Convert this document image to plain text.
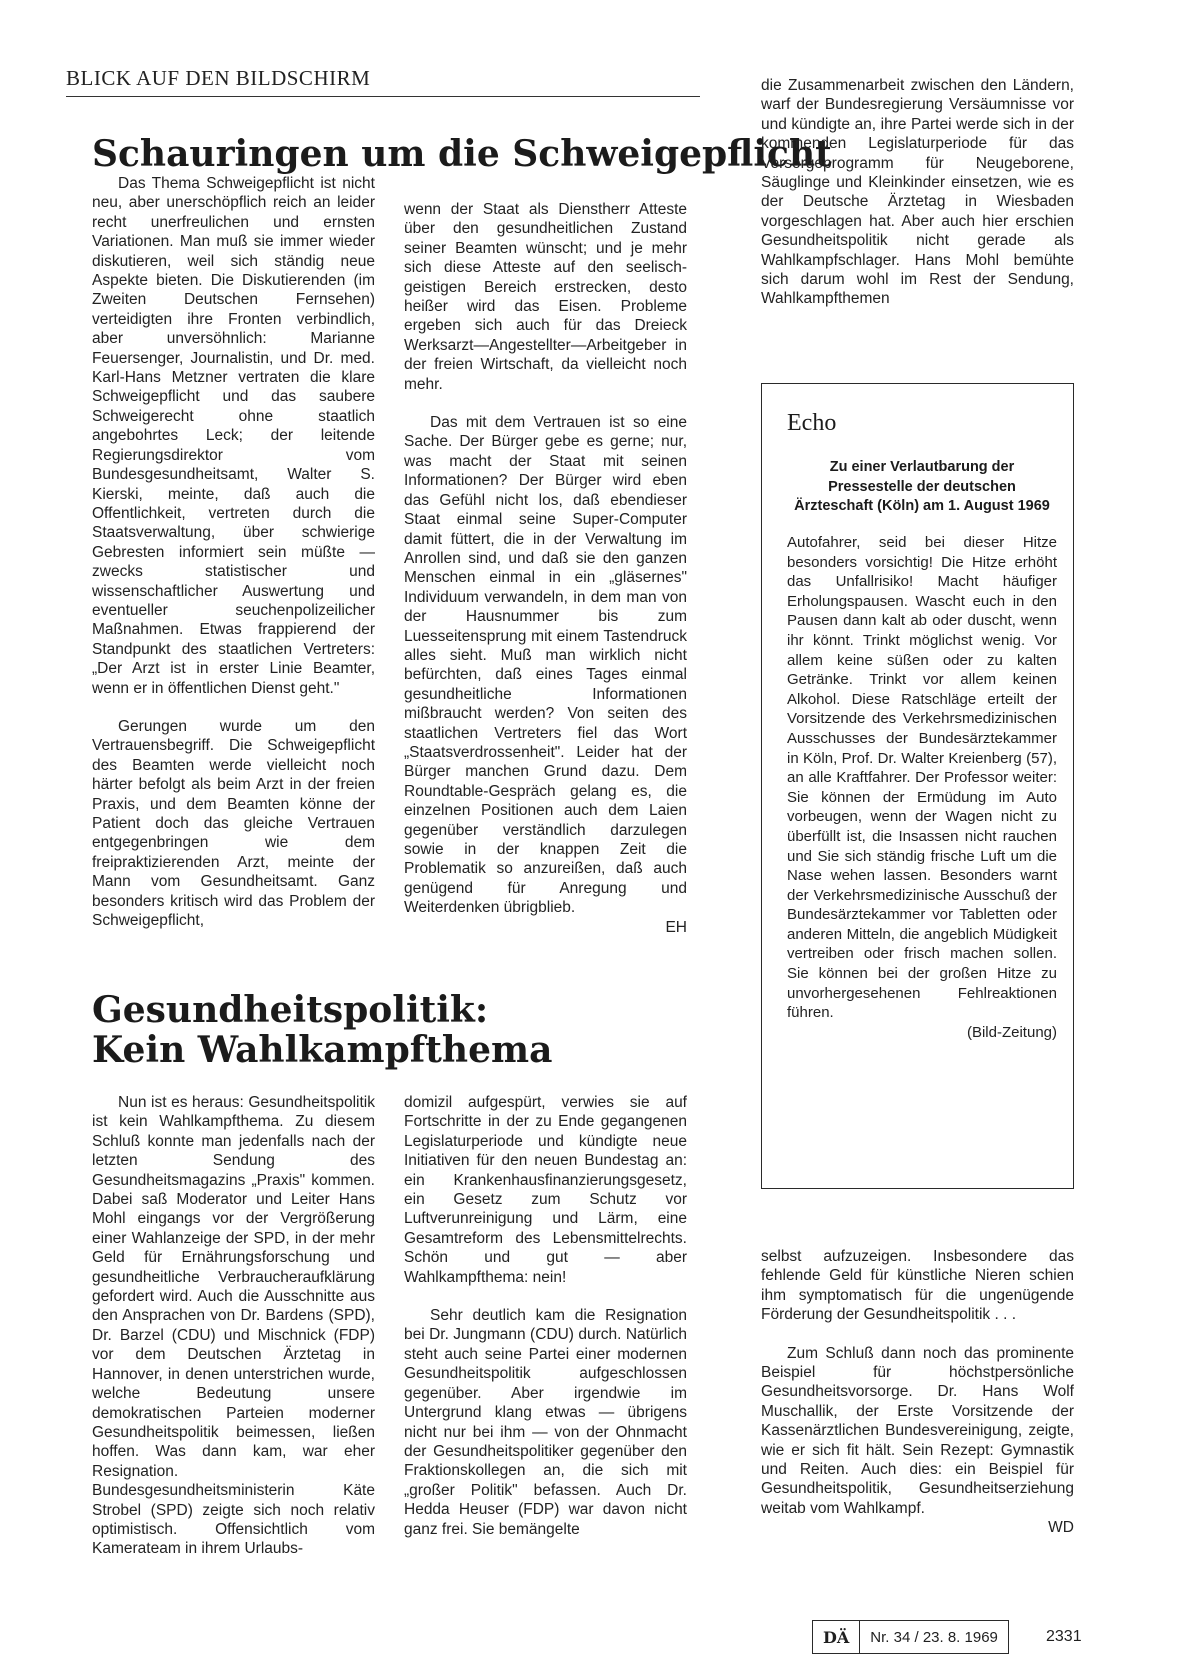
BLICK AUF DEN BILDSCHIRM
Schauringen um die Schweigepflicht

Das Thema Schweigepflicht ist nicht neu, aber unerschöpflich reich an leider recht unerfreulichen und ernsten Variationen. Man muß sie immer wieder diskutieren, weil sich ständig neue Aspekte bieten. Die Diskutierenden (im Zweiten Deutschen Fernsehen) verteidigten ihre Fronten verbindlich, aber unversöhnlich: Marianne Feuersenger, Journalistin, und Dr. med. Karl-Hans Metzner vertraten die klare Schweigepflicht und das saubere Schweigerecht ohne staatlich angebohrtes Leck; der leitende Regierungsdirektor vom Bundesgesundheitsamt, Walter S. Kierski, meinte, daß auch die Offentlichkeit, vertreten durch die Staatsverwaltung, über schwierige Gebresten informiert sein müßte — zwecks statistischer und wissenschaftlicher Auswertung und eventueller seuchenpolizeilicher Maßnahmen. Etwas frappierend der Standpunkt des staatlichen Vertreters: „Der Arzt ist in erster Linie Beamter, wenn er in öffentlichen Dienst geht."

Gerungen wurde um den Vertrauensbegriff. Die Schweigepflicht des Beamten werde vielleicht noch härter befolgt als beim Arzt in der freien Praxis, und dem Beamten könne der Patient doch das gleiche Vertrauen entgegenbringen wie dem freipraktizierenden Arzt, meinte der Mann vom Gesundheitsamt. Ganz besonders kritisch wird das Problem der Schweigepflicht,

wenn der Staat als Dienstherr Atteste über den gesundheitlichen Zustand seiner Beamten wünscht; und je mehr sich diese Atteste auf den seelisch-geistigen Bereich erstrecken, desto heißer wird das Eisen. Probleme ergeben sich auch für das Dreieck Werksarzt—Angestellter—Arbeitgeber in der freien Wirtschaft, da vielleicht noch mehr.

Das mit dem Vertrauen ist so eine Sache. Der Bürger gebe es gerne; nur, was macht der Staat mit seinen Informationen? Der Bürger wird eben das Gefühl nicht los, daß ebendieser Staat einmal seine Super-Computer damit füttert, die in der Verwaltung im Anrollen sind, und daß sie den ganzen Menschen einmal in ein „gläsernes" Individuum verwandeln, in dem man von der Hausnummer bis zum Luesseitensprung mit einem Tastendruck alles sieht. Muß man wirklich nicht befürchten, daß eines Tages einmal gesundheitliche Informationen mißbraucht werden? Von seiten des staatlichen Vertreters fiel das Wort „Staatsverdrossenheit". Leider hat der Bürger manchen Grund dazu. Dem Roundtable-Gespräch gelang es, die einzelnen Positionen auch dem Laien gegenüber verständlich darzulegen sowie in der knappen Zeit die Problematik so anzureißen, daß auch genügend für Anregung und Weiterdenken übrigblieb.

EH
Gesundheitspolitik:
Kein Wahlkampfthema

Nun ist es heraus: Gesundheitspolitik ist kein Wahlkampfthema. Zu diesem Schluß konnte man jedenfalls nach der letzten Sendung des Gesundheitsmagazins „Praxis" kommen. Dabei saß Moderator und Leiter Hans Mohl eingangs vor der Vergrößerung einer Wahlanzeige der SPD, in der mehr Geld für Ernährungsforschung und gesundheitliche Verbraucheraufklärung gefordert wird. Auch die Ausschnitte aus den Ansprachen von Dr. Bardens (SPD), Dr. Barzel (CDU) und Mischnick (FDP) vor dem Deutschen Ärztetag in Hannover, in denen unterstrichen wurde, welche Bedeutung unsere demokratischen Parteien moderner Gesundheitspolitik beimessen, ließen hoffen. Was dann kam, war eher Resignation. Bundesgesundheitsministerin Käte Strobel (SPD) zeigte sich noch relativ optimistisch. Offensichtlich vom Kamerateam in ihrem Urlaubs-

domizil aufgespürt, verwies sie auf Fortschritte in der zu Ende gegangenen Legislaturperiode und kündigte neue Initiativen für den neuen Bundestag an: ein Krankenhausfinanzierungsgesetz, ein Gesetz zum Schutz vor Luftverunreinigung und Lärm, eine Gesamtreform des Lebensmittelrechts. Schön und gut — aber Wahlkampfthema: nein!

Sehr deutlich kam die Resignation bei Dr. Jungmann (CDU) durch. Natürlich steht auch seine Partei einer modernen Gesundheitspolitik aufgeschlossen gegenüber. Aber irgendwie im Untergrund klang etwas — übrigens nicht nur bei ihm — von der Ohnmacht der Gesundheitspolitiker gegenüber den Fraktionskollegen an, die sich mit „großer Politik" befassen. Auch Dr. Hedda Heuser (FDP) war davon nicht ganz frei. Sie bemängelte

die Zusammenarbeit zwischen den Ländern, warf der Bundesregierung Versäumnisse vor und kündigte an, ihre Partei werde sich in der kommenden Legislaturperiode für das Vorsorgeprogramm für Neugeborene, Säuglinge und Kleinkinder einsetzen, wie es der Deutsche Ärztetag in Wiesbaden vorgeschlagen hat. Aber auch hier erschien Gesundheitspolitik nicht gerade als Wahlkampfschlager. Hans Mohl bemühte sich darum wohl im Rest der Sendung, Wahlkampfthemen

Echo
Zu einer Verlautbarung der Pressestelle der deutschen Ärzteschaft (Köln) am 1. August 1969

Autofahrer, seid bei dieser Hitze besonders vorsichtig! Die Hitze erhöht das Unfallrisiko! Macht häufiger Erholungspausen. Wascht euch in den Pausen dann kalt ab oder duscht, wenn ihr könnt. Trinkt möglichst wenig. Vor allem keine süßen oder zu kalten Getränke. Trinkt vor allem keinen Alkohol. Diese Ratschläge erteilt der Vorsitzende des Verkehrsmedizinischen Ausschusses der Bundesärztekammer in Köln, Prof. Dr. Walter Kreienberg (57), an alle Kraftfahrer. Der Professor weiter: Sie können der Ermüdung im Auto vorbeugen, wenn der Wagen nicht zu überfüllt ist, die Insassen nicht rauchen und Sie sich ständig frische Luft um die Nase wehen lassen. Besonders warnt der Verkehrsmedizinische Ausschuß der Bundesärztekammer vor Tabletten oder anderen Mitteln, die angeblich Müdigkeit vertreiben oder frisch machen sollen. Sie können bei der großen Hitze zu unvorhergesehenen Fehlreaktionen führen.

(Bild-Zeitung)

selbst aufzuzeigen. Insbesondere das fehlende Geld für künstliche Nieren schien ihm symptomatisch für die ungenügende Förderung der Gesundheitspolitik . . .

Zum Schluß dann noch das prominente Beispiel für höchstpersönliche Gesundheitsvorsorge. Dr. Hans Wolf Muschallik, der Erste Vorsitzende der Kassenärztlichen Bundesvereinigung, zeigte, wie er sich fit hält. Sein Rezept: Gymnastik und Reiten. Auch dies: ein Beispiel für Gesundheitspolitik, Gesundheitserziehung weitab vom Wahlkampf.

WD
DÄ	Nr. 34 / 23. 8. 1969	2331
